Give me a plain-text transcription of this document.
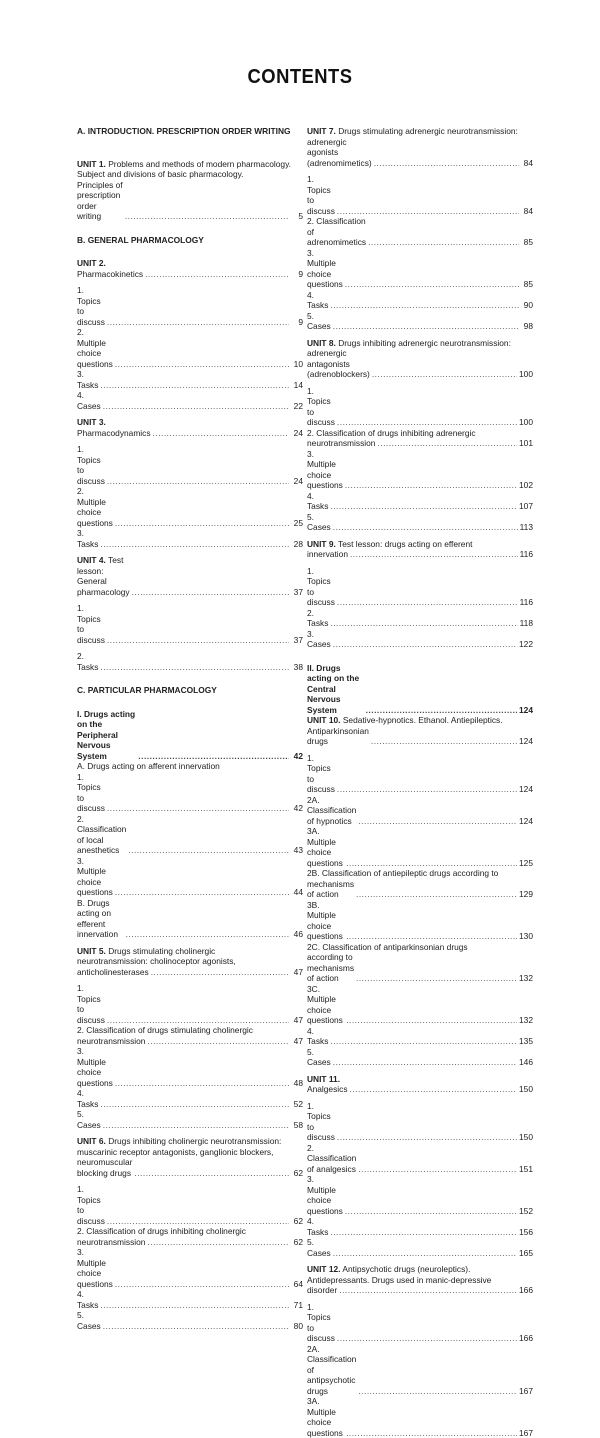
CONTENTS
A. INTRODUCTION. PRESCRIPTION ORDER WRITING
UNIT 1. Problems and methods of modern pharmacology.
Subject and divisions of basic pharmacology.
Principles of prescription order writing .....	5
B. GENERAL PHARMACOLOGY
UNIT 2. Pharmacokinetics .....	9
1. Topics to discuss .....	9
2. Multiple choice questions .....	10
3. Tasks .....	14
4. Cases .....	22
UNIT 3. Pharmacodynamics .....	24
1. Topics to discuss .....	24
2. Multiple choice questions .....	25
3. Tasks .....	28
UNIT 4. Test lesson: General pharmacology .....	37
1. Topics to discuss .....	37
2. Tasks .....	38
C. PARTICULAR PHARMACOLOGY
I. Drugs acting on the Peripheral Nervous System .....	42
A. Drugs acting on afferent innervation
1. Topics to discuss .....	42
2. Classification of local anesthetics .....	43
3. Multiple choice questions .....	44
B. Drugs acting on efferent innervation .....	46
UNIT 5. Drugs stimulating cholinergic
neurotransmission: cholinoceptor agonists,
anticholinesterases .....	47
1. Topics to discuss .....	47
2. Classification of drugs stimulating cholinergic
neurotransmission .....	47
3. Multiple choice questions .....	48
4. Tasks .....	52
5. Cases .....	58
UNIT 6. Drugs inhibiting cholinergic neurotransmission:
muscarinic receptor antagonists, ganglionic blockers,
neuromuscular blocking drugs .....	62
1. Topics to discuss .....	62
2. Classification of drugs inhibiting cholinergic
neurotransmission .....	62
3. Multiple choice questions .....	64
4. Tasks .....	71
5. Cases .....	80
UNIT 7. Drugs stimulating adrenergic neurotransmission:
adrenergic agonists (adrenomimetics) .....	84
1. Topics to discuss .....	84
2. Classification of adrenomimetics .....	85
3. Multiple choice questions .....	85
4. Tasks .....	90
5. Cases .....	98
UNIT 8. Drugs inhibiting adrenergic neurotransmission:
adrenergic antagonists (adrenoblockers) .....	100
1. Topics to discuss .....	100
2. Classification of drugs inhibiting adrenergic
neurotransmission .....	101
3. Multiple choice questions .....	102
4. Tasks .....	107
5. Cases .....	113
UNIT 9. Test lesson: drugs acting on efferent
innervation .....	116
1. Topics to discuss .....	116
2. Tasks .....	118
3. Cases .....	122
II. Drugs acting on the Central Nervous System .....	124
UNIT 10. Sedative-hypnotics. Ethanol. Antiepileptics.
Antiparkinsonian drugs .....	124
1. Topics to discuss .....	124
2A. Classification of hypnotics .....	124
3A. Multiple choice questions .....	125
2B. Classification of antiepileptic drugs according to
mechanisms of action .....	129
3B. Multiple choice questions .....	130
2C. Classification of antiparkinsonian drugs
according to mechanisms of action .....	132
3C. Multiple choice questions .....	132
4. Tasks .....	135
5. Cases .....	146
UNIT 11. Analgesics .....	150
1. Topics to discuss .....	150
2. Classification of analgesics .....	151
3. Multiple choice questions .....	152
4. Tasks .....	156
5. Cases .....	165
UNIT 12. Antipsychotic drugs (neuroleptics).
Antidepressants. Drugs used in manic-depressive
disorder .....	166
1. Topics to discuss .....	166
2A. Classification of antipsychotic drugs .....	167
3A. Multiple choice questions .....	167
